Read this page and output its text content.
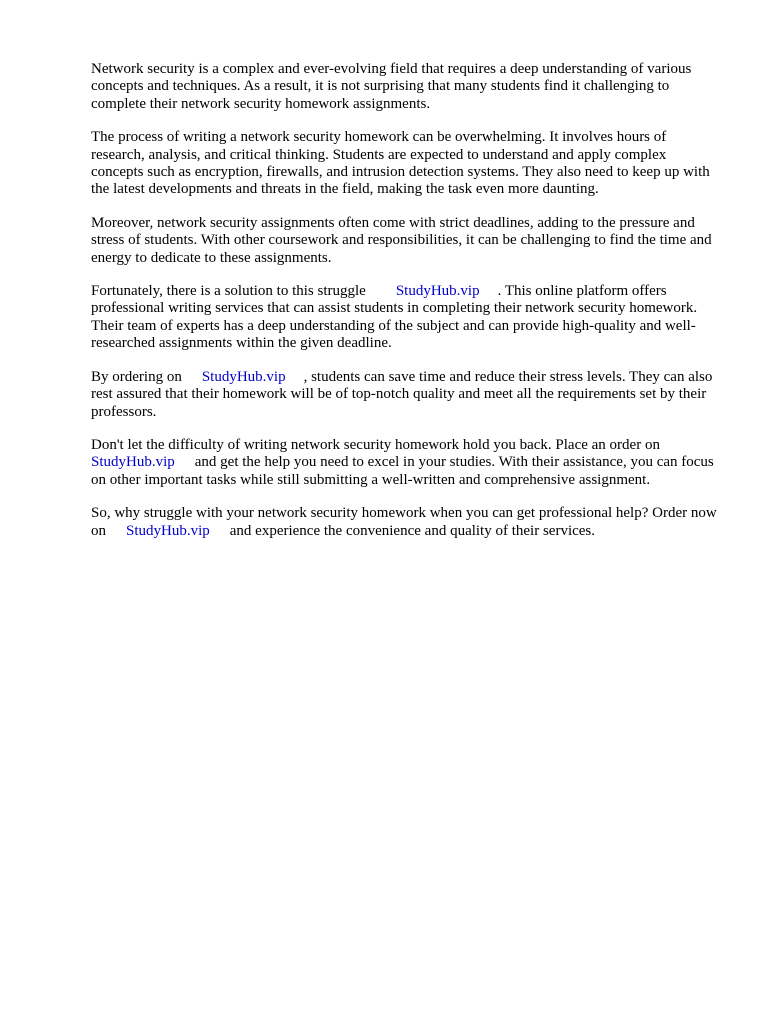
Network security is a complex and ever-evolving field that requires a deep understanding of various concepts and techniques. As a result, it is not surprising that many students find it challenging to complete their network security homework assignments.

The process of writing a network security homework can be overwhelming. It involves hours of research, analysis, and critical thinking. Students are expected to understand and apply complex concepts such as encryption, firewalls, and intrusion detection systems. They also need to keep up with the latest developments and threats in the field, making the task even more daunting.

Moreover, network security assignments often come with strict deadlines, adding to the pressure and stress of students. With other coursework and responsibilities, it can be challenging to find the time and energy to dedicate to these assignments.

Fortunately, there is a solution to this struggle StudyHub.vip . This online platform offers professional writing services that can assist students in completing their network security homework. Their team of experts has a deep understanding of the subject and can provide high-quality and well-researched assignments within the given deadline.

By ordering on StudyHub.vip , students can save time and reduce their stress levels. They can also rest assured that their homework will be of top-notch quality and meet all the requirements set by their professors.

Don't let the difficulty of writing network security homework hold you back. Place an order on StudyHub.vip and get the help you need to excel in your studies. With their assistance, you can focus on other important tasks while still submitting a well-written and comprehensive assignment.

So, why struggle with your network security homework when you can get professional help? Order now on StudyHub.vip and experience the convenience and quality of their services.
